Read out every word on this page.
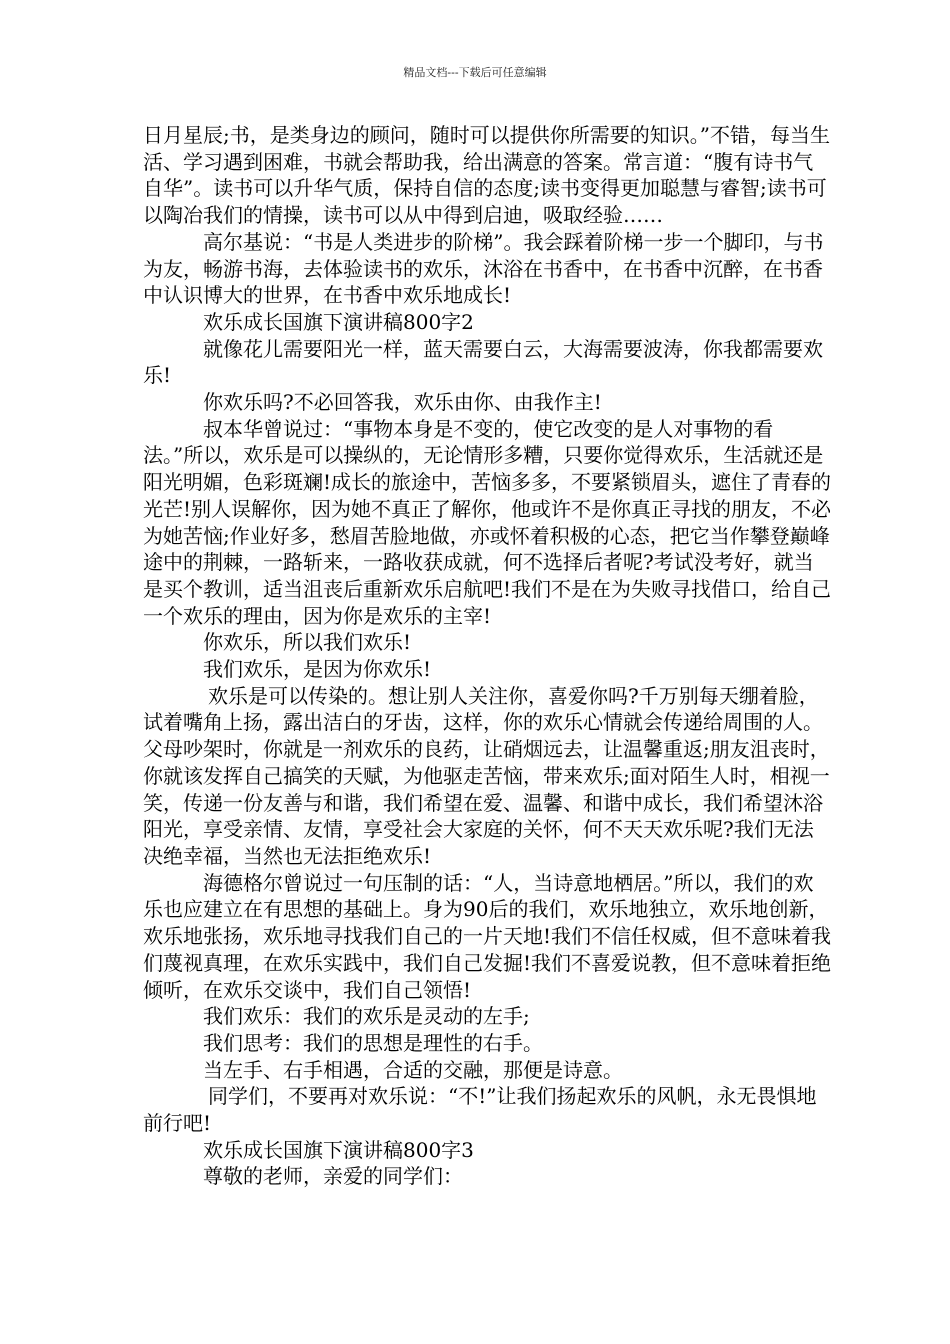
精品文档---下载后可任意编辑

日月星辰;书，是类身边的顾问，随时可以提供你所需要的知识。”不错，每当生活、学习遇到困难，书就会帮助我，给出满意的答案。常言道：“腹有诗书气自华”。读书可以升华气质，保持自信的态度;读书变得更加聪慧与睿智;读书可以陶冶我们的情操，读书可以从中得到启迪，吸取经验……

高尔基说：“书是人类进步的阶梯”。我会踩着阶梯一步一个脚印，与书为友，畅游书海，去体验读书的欢乐，沐浴在书香中，在书香中沉醉，在书香中认识博大的世界，在书香中欢乐地成长!

欢乐成长国旗下演讲稿800字2

就像花儿需要阳光一样，蓝天需要白云，大海需要波涛，你我都需要欢乐!

你欢乐吗?不必回答我，欢乐由你、由我作主!

叔本华曾说过：“事物本身是不变的，使它改变的是人对事物的看法。”所以，欢乐是可以操纵的，无论情形多糟，只要你觉得欢乐，生活就还是阳光明媚，色彩斑斓!成长的旅途中，苦恼多多，不要紧锁眉头，遮住了青春的光芒!别人误解你，因为她不真正了解你，他或许不是你真正寻找的朋友，不必为她苦恼;作业好多，愁眉苦脸地做，亦或怀着积极的心态，把它当作攀登巅峰途中的荆棘，一路斩来，一路收获成就，何不选择后者呢?考试没考好，就当是买个教训，适当沮丧后重新欢乐启航吧!我们不是在为失败寻找借口，给自己一个欢乐的理由，因为你是欢乐的主宰!

你欢乐，所以我们欢乐!

我们欢乐，是因为你欢乐!

欢乐是可以传染的。想让别人关注你，喜爱你吗?千万别每天绷着脸，试着嘴角上扬，露出洁白的牙齿，这样，你的欢乐心情就会传递给周围的人。父母吵架时，你就是一剂欢乐的良药，让硝烟远去，让温馨重返;朋友沮丧时，你就该发挥自己搞笑的天赋，为他驱走苦恼，带来欢乐;面对陌生人时，相视一笑，传递一份友善与和谐，我们希望在爱、温馨、和谐中成长，我们希望沐浴阳光，享受亲情、友情，享受社会大家庭的关怀，何不天天欢乐呢?我们无法决绝幸福，当然也无法拒绝欢乐!

海德格尔曾说过一句压制的话：“人，当诗意地栖居。”所以，我们的欢乐也应建立在有思想的基础上。身为90后的我们，欢乐地独立，欢乐地创新，欢乐地张扬，欢乐地寻找我们自己的一片天地!我们不信任权威，但不意味着我们蔑视真理，在欢乐实践中，我们自己发掘!我们不喜爱说教，但不意味着拒绝倾听，在欢乐交谈中，我们自己领悟!

我们欢乐：我们的欢乐是灵动的左手;

我们思考：我们的思想是理性的右手。

当左手、右手相遇，合适的交融，那便是诗意。

同学们，不要再对欢乐说：“不!”让我们扬起欢乐的风帆，永无畏惧地前行吧!

欢乐成长国旗下演讲稿800字3

尊敬的老师，亲爱的同学们：
